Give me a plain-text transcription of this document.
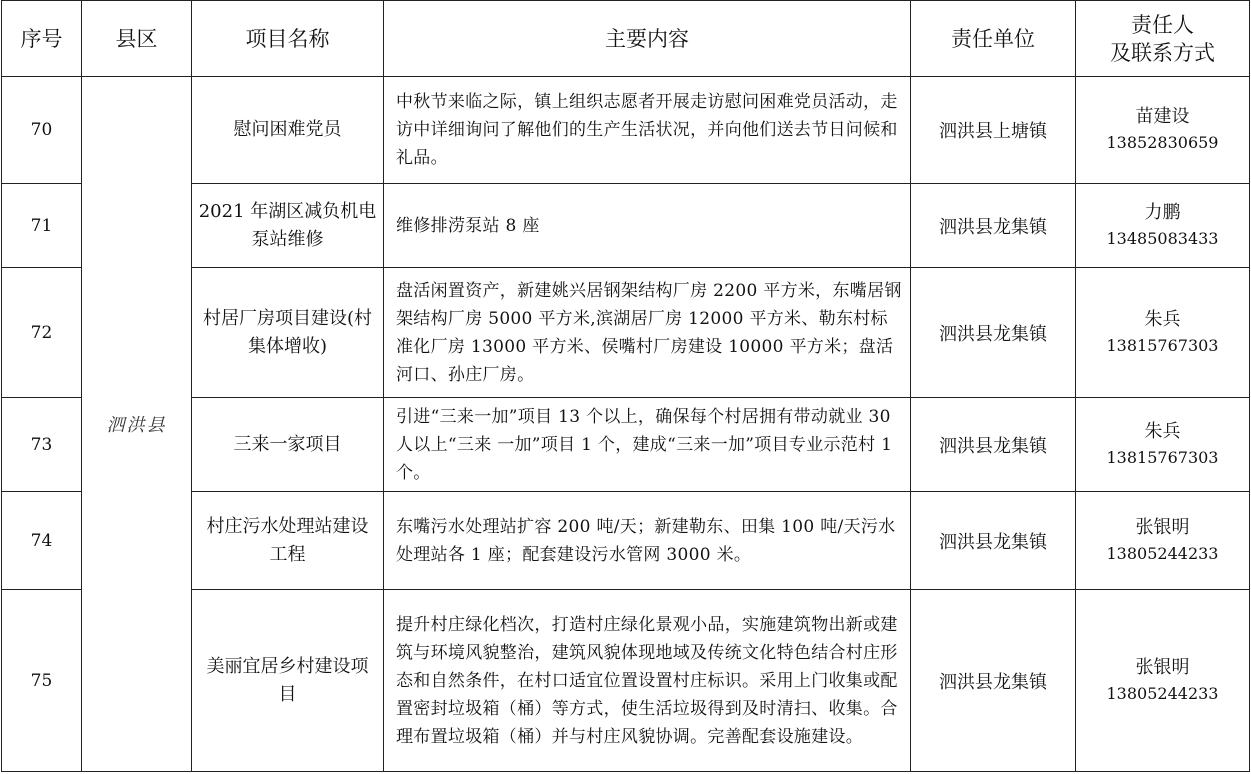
序号	县区	项目名称	主要内容	责任单位	责任人
及联系方式

70	泗洪县	慰问困难党员	中秋节来临之际，镇上组织志愿者开展走访慰问困难党员活动，走访中详细询问了解他们的生产生活状况，并向他们送去节日问候和礼品。	泗洪县上塘镇	苗建设
13852830659

71		2021 年湖区减负机电泵站维修	维修排涝泵站 8 座	泗洪县龙集镇	力鹏
13485083433

72		村居厂房项目建设(村集体增收)	盘活闲置资产，新建姚兴居钢架结构厂房 2200 平方米，东嘴居钢架结构厂房 5000 平方米,滨湖居厂房 12000 平方米、勒东村标准化厂房 13000 平方米、侯嘴村厂房建设 10000 平方米；盘活河口、孙庄厂房。	泗洪县龙集镇	朱兵
13815767303

73		三来一家项目	引进“三来一加”项目 13 个以上，确保每个村居拥有带动就业 30 人以上“三来 一加”项目 1 个，建成“三来一加”项目专业示范村 1 个。	泗洪县龙集镇	朱兵
13815767303

74		村庄污水处理站建设工程	东嘴污水处理站扩容 200 吨/天；新建勒东、田集 100 吨/天污水处理站各 1 座；配套建设污水管网 3000 米。	泗洪县龙集镇	张银明
13805244233

75		美丽宜居乡村建设项目	提升村庄绿化档次，打造村庄绿化景观小品，实施建筑物出新或建筑与环境风貌整治，建筑风貌体现地域及传统文化特色结合村庄形态和自然条件，在村口适宜位置设置村庄标识。采用上门收集或配置密封垃圾箱（桶）等方式，使生活垃圾得到及时清扫、收集。合理布置垃圾箱（桶）并与村庄风貌协调。完善配套设施建设。	泗洪县龙集镇	张银明
13805244233
